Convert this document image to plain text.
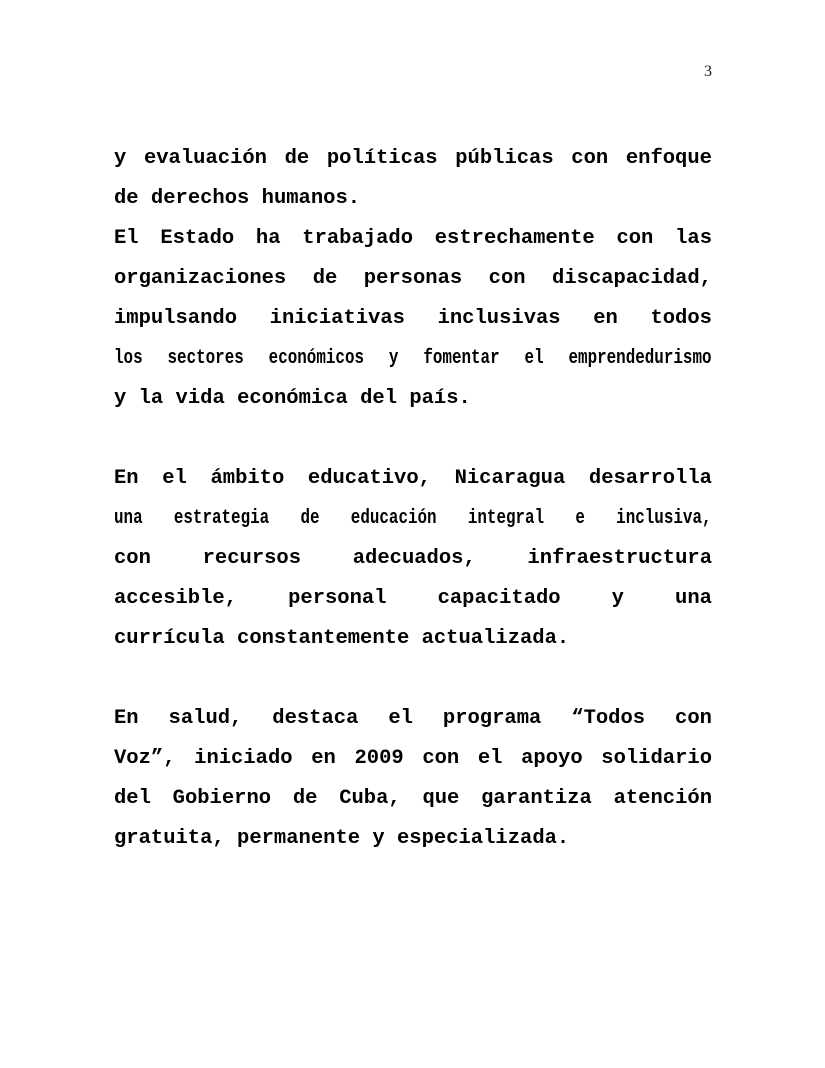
3
y evaluación de políticas públicas con enfoque
de
derechos
humanos.
El Estado ha trabajado estrechamente con las
organizaciones de personas con discapacidad,
impulsando iniciativas inclusivas en todos
los sectores económicos y fomentar el emprendedurismo
y
la
vida
económica
del
país.
En el ámbito educativo, Nicaragua desarrolla
una estrategia de educación integral e inclusiva,
con	recursos	adecuados,	infraestructura
accesible, personal capacitado y una
currícula
constantemente
actualizada.
En salud, destaca el programa “Todos con
Voz”, iniciado en 2009 con el apoyo solidario
del Gobierno de Cuba, que garantiza atención
gratuita,
permanente
y
especializada.
